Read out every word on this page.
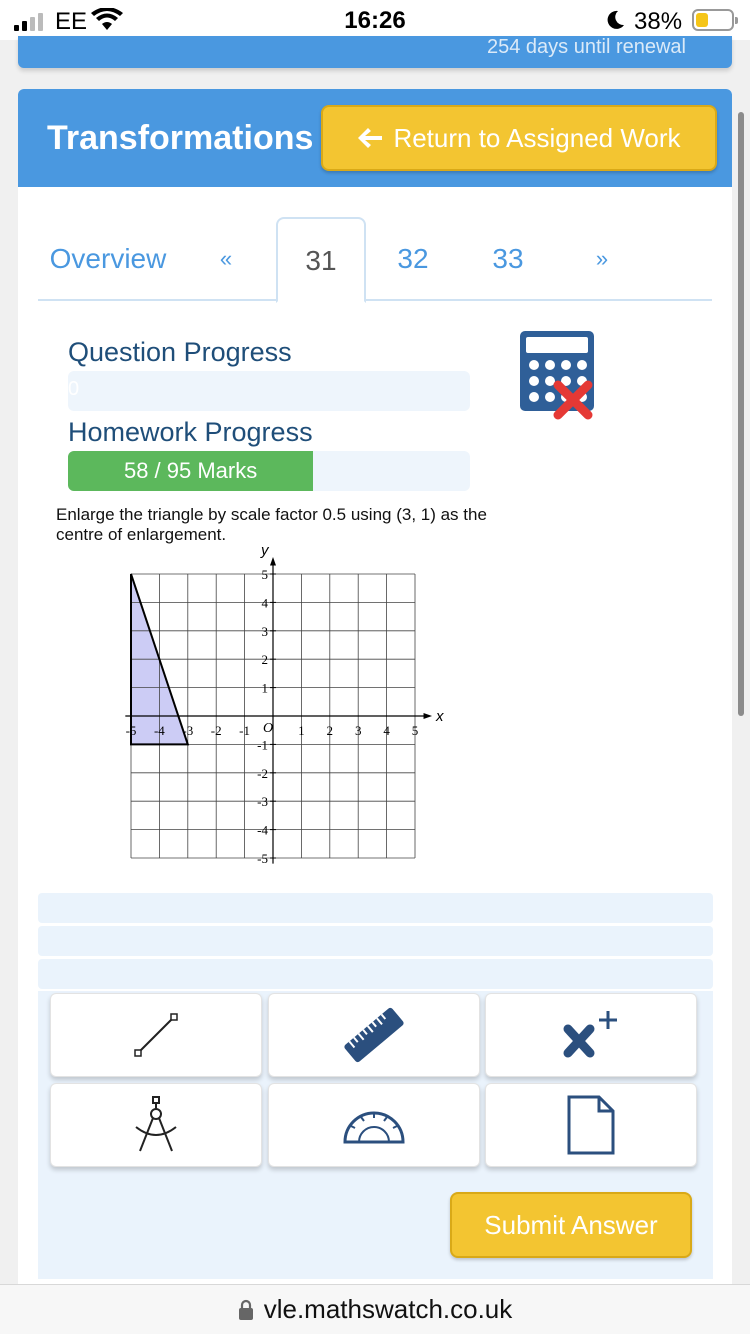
EE	16:26	38%
254 days until renewal
Transformations	Return to Assigned Work
Overview	«	31	32	33	»
Question Progress
0
Homework Progress
58 / 95 Marks
Enlarge the triangle by scale factor 0.5 using (3, 1) as the centre of enlargement.
x
y
O
-5 -4 -3 -2 -1	1 2 3 4 5
5
4
3
2
1
-1
-2
-3
-4
-5
Submit Answer
vle.mathswatch.co.uk
